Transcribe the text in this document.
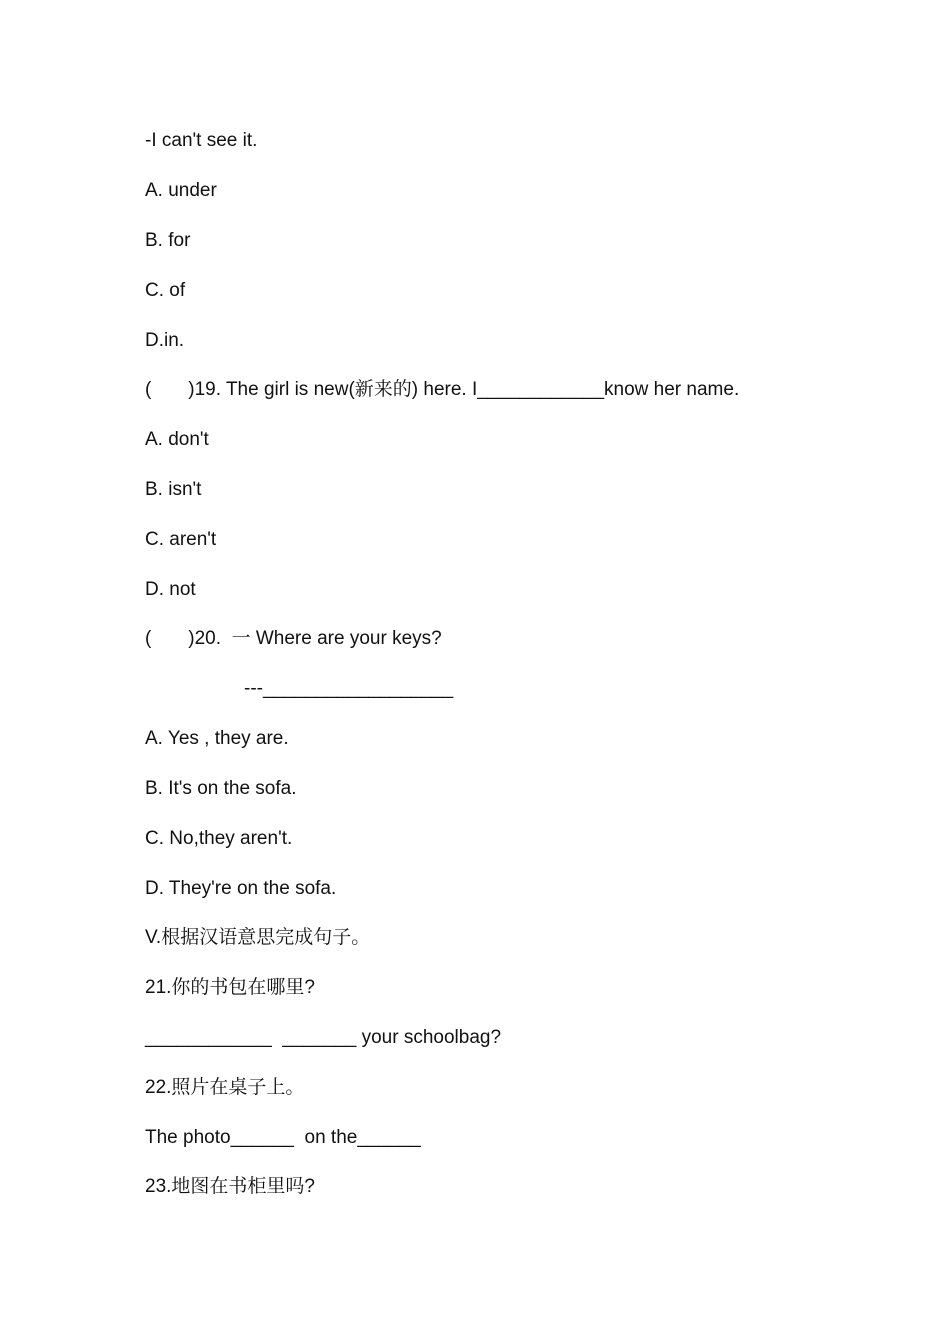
-I can't see it.
A. under
B. for
C. of
D.in.
(       )19. The girl is new(新来的) here. I____________know her name.
A. don't
B. isn't
C. aren't
D. not
(       )20.  一 Where are your keys?
---__________________
A. Yes , they are.
B. It's on the sofa.
C. No,they aren't.
D. They're on the sofa.
V.根据汉语意思完成句子。
21.你的书包在哪里?
____________  _______ your schoolbag?
22.照片在桌子上。
The photo______  on the______
23.地图在书柜里吗?
